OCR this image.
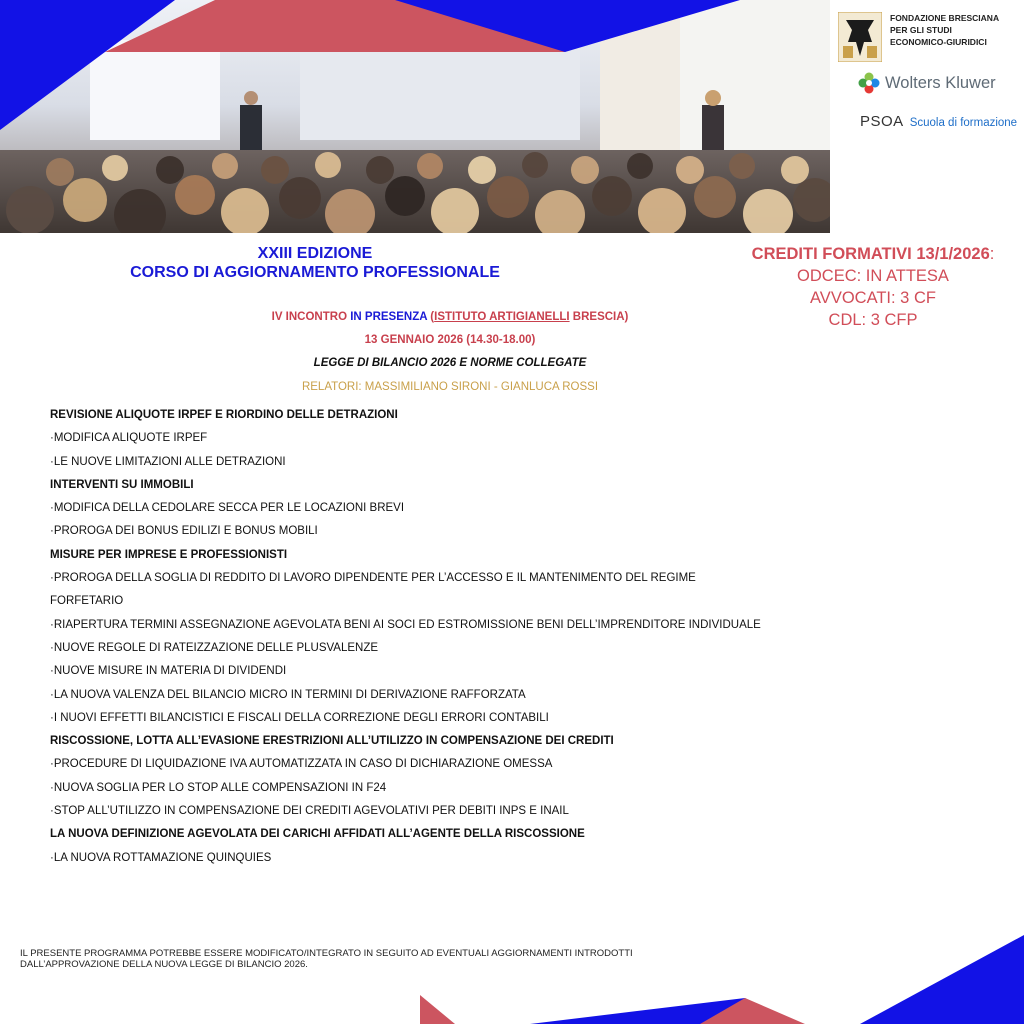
FONDAZIONE BRESCIANA
PER GLI STUDI
ECONOMICO-GIURIDICI
Wolters Kluwer
PSOA Scuola di formazione
XXIII EDIZIONE
CORSO DI AGGIORNAMENTO PROFESSIONALE
CREDITI FORMATIVI 13/1/2026:
ODCEC: IN ATTESA
AVVOCATI: 3 CF
CDL: 3 CFP
IV INCONTRO IN PRESENZA (ISTITUTO ARTIGIANELLI BRESCIA)
13 GENNAIO 2026 (14.30-18.00)
LEGGE DI BILANCIO 2026 E NORME COLLEGATE
RELATORI: MASSIMILIANO SIRONI - GIANLUCA ROSSI
REVISIONE ALIQUOTE IRPEF E RIORDINO DELLE DETRAZIONI
·MODIFICA ALIQUOTE IRPEF
·LE NUOVE LIMITAZIONI ALLE DETRAZIONI
INTERVENTI SU IMMOBILI
·MODIFICA DELLA CEDOLARE SECCA PER LE LOCAZIONI BREVI
·PROROGA DEI BONUS EDILIZI E BONUS MOBILI
MISURE PER IMPRESE E PROFESSIONISTI
·PROROGA DELLA SOGLIA DI REDDITO DI LAVORO DIPENDENTE PER L’ACCESSO E IL MANTENIMENTO DEL REGIME
FORFETARIO
·RIAPERTURA TERMINI ASSEGNAZIONE AGEVOLATA BENI AI SOCI ED ESTROMISSIONE BENI DELL’IMPRENDITORE INDIVIDUALE
·NUOVE REGOLE DI RATEIZZAZIONE DELLE PLUSVALENZE
·NUOVE MISURE IN MATERIA DI DIVIDENDI
·LA NUOVA VALENZA DEL BILANCIO MICRO IN TERMINI DI DERIVAZIONE RAFFORZATA
·I NUOVI EFFETTI BILANCISTICI E FISCALI DELLA CORREZIONE DEGLI ERRORI CONTABILI
RISCOSSIONE, LOTTA ALL’EVASIONE ERESTRIZIONI ALL’UTILIZZO IN COMPENSAZIONE DEI CREDITI
·PROCEDURE DI LIQUIDAZIONE IVA AUTOMATIZZATA IN CASO DI DICHIARAZIONE OMESSA
·NUOVA SOGLIA PER LO STOP ALLE COMPENSAZIONI IN F24
·STOP ALL’UTILIZZO IN COMPENSAZIONE DEI CREDITI AGEVOLATIVI PER DEBITI INPS E INAIL
LA NUOVA DEFINIZIONE AGEVOLATA DEI CARICHI AFFIDATI ALL’AGENTE DELLA RISCOSSIONE
·LA NUOVA ROTTAMAZIONE QUINQUIES
IL PRESENTE PROGRAMMA POTREBBE ESSERE MODIFICATO/INTEGRATO IN SEGUITO AD EVENTUALI AGGIORNAMENTI INTRODOTTI
DALL’APPROVAZIONE DELLA NUOVA LEGGE DI BILANCIO 2026.
